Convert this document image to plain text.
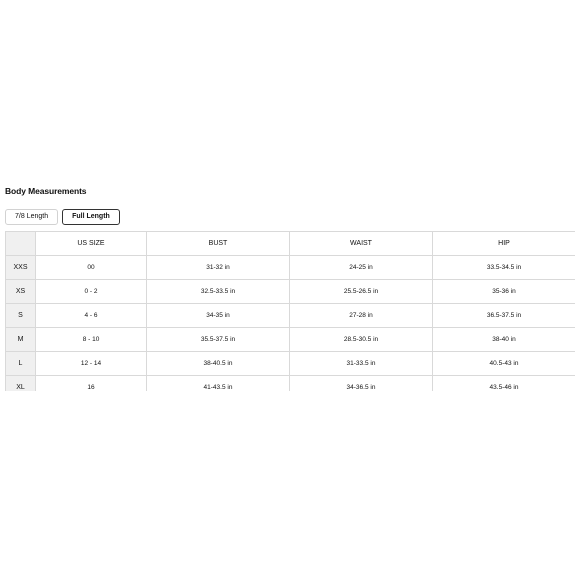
Body Measurements
7/8 Length	Full Length
	US SIZE	BUST	WAIST	HIP
XXS	00	31-32 in	24-25 in	33.5-34.5 in
XS	0 - 2	32.5-33.5 in	25.5-26.5 in	35-36 in
S	4 - 6	34-35 in	27-28 in	36.5-37.5 in
M	8 - 10	35.5-37.5 in	28.5-30.5 in	38-40 in
L	12 - 14	38-40.5 in	31-33.5 in	40.5-43 in
XL	16	41-43.5 in	34-36.5 in	43.5-46 in
